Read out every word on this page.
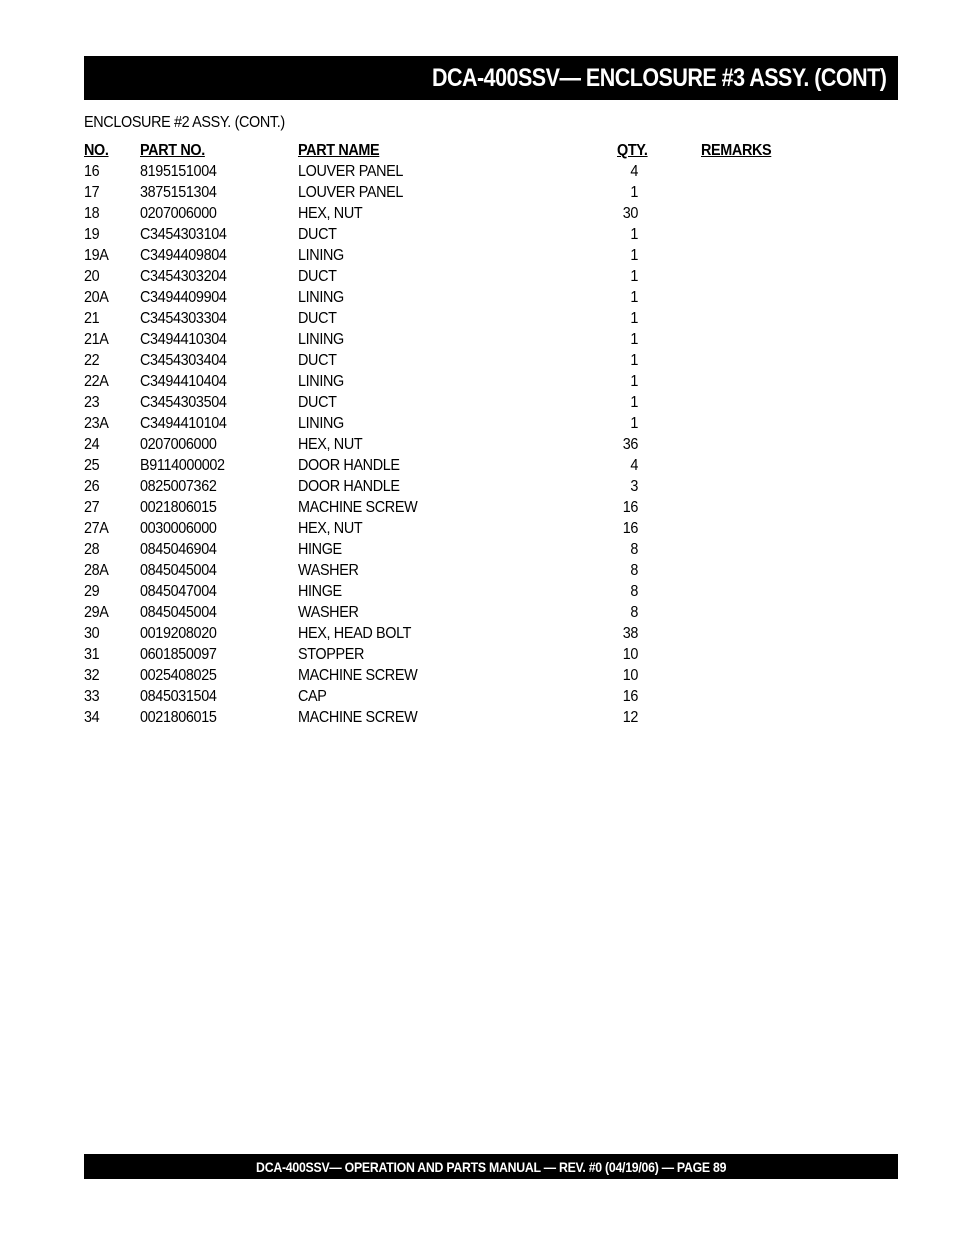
DCA-400SSV— ENCLOSURE #3 ASSY. (CONT)
ENCLOSURE #2 ASSY. (CONT.)
NO. PART NO.	PART NAME	QTY.	REMARKS
16	8195151004	LOUVER PANEL	4
17	3875151304	LOUVER PANEL	1
18	0207006000	HEX, NUT	30
19	C3454303104	DUCT	1
19A C3494409804	LINING	1
20	C3454303204	DUCT	1
20A C3494409904	LINING	1
21	C3454303304	DUCT	1
21A C3494410304	LINING	1
22	C3454303404	DUCT	1
22A C3494410404	LINING	1
23	C3454303504	DUCT	1
23A C3494410104	LINING	1
24	0207006000	HEX, NUT	36
25	B9114000002	DOOR HANDLE	4
26	0825007362	DOOR HANDLE	3
27	0021806015	MACHINE SCREW	16
27A 0030006000	HEX, NUT	16
28	0845046904	HINGE	8
28A 0845045004	WASHER	8
29	0845047004	HINGE	8
29A 0845045004	WASHER	8
30	0019208020	HEX, HEAD BOLT	38
31	0601850097	STOPPER	10
32	0025408025	MACHINE SCREW	10
33	0845031504	CAP	16
34	0021806015	MACHINE SCREW	12
DCA-400SSV— OPERATION AND PARTS MANUAL — REV. #0 (04/19/06) — PAGE 89
